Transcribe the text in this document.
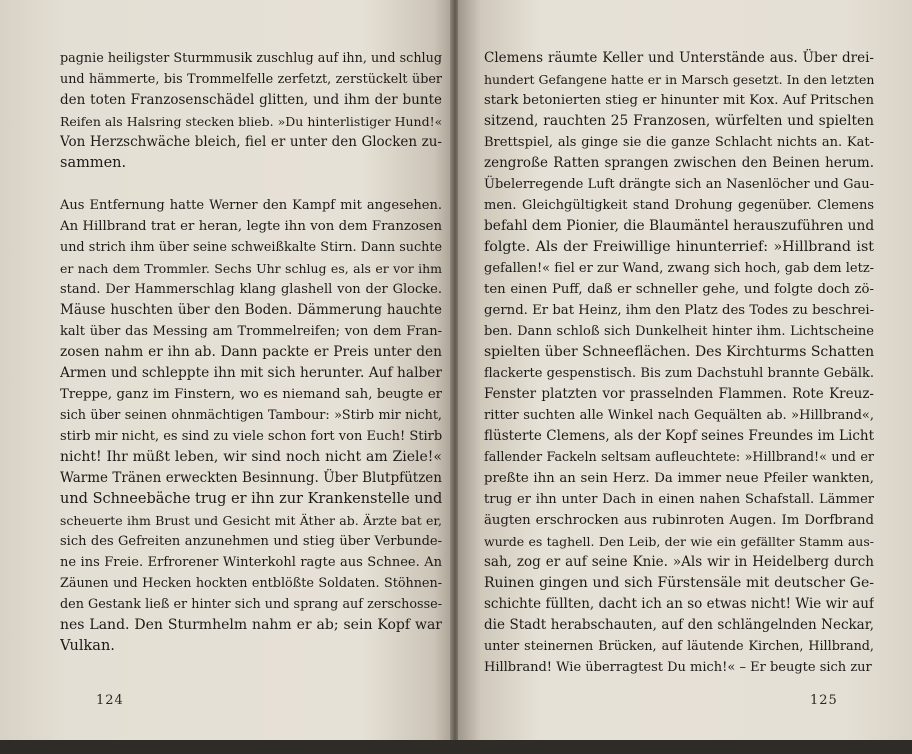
pagnie heiligster Sturmmusik zuschlug auf ihn, und schlug
und hämmerte, bis Trommelfelle zerfetzt, zerstückelt über
den toten Franzosenschädel glitten, und ihm der bunte
Reifen als Halsring stecken blieb. »Du hinterlistiger Hund!«
Von Herzschwäche bleich, fiel er unter den Glocken zu-
sammen.
Aus Entfernung hatte Werner den Kampf mit angesehen.
An Hillbrand trat er heran, legte ihn von dem Franzosen
und strich ihm über seine schweißkalte Stirn. Dann suchte
er nach dem Trommler. Sechs Uhr schlug es, als er vor ihm
stand. Der Hammerschlag klang glashell von der Glocke.
Mäuse huschten über den Boden. Dämmerung hauchte
kalt über das Messing am Trommelreifen; von dem Fran-
zosen nahm er ihn ab. Dann packte er Preis unter den
Armen und schleppte ihn mit sich herunter. Auf halber
Treppe, ganz im Finstern, wo es niemand sah, beugte er
sich über seinen ohnmächtigen Tambour: »Stirb mir nicht,
stirb mir nicht, es sind zu viele schon fort von Euch! Stirb
nicht! Ihr müßt leben, wir sind noch nicht am Ziele!«
Warme Tränen erweckten Besinnung. Über Blutpfützen
und Schneebäche trug er ihn zur Krankenstelle und
scheuerte ihm Brust und Gesicht mit Äther ab. Ärzte bat er,
sich des Gefreiten anzunehmen und stieg über Verbunde-
ne ins Freie. Erfrorener Winterkohl ragte aus Schnee. An
Zäunen und Hecken hockten entblößte Soldaten. Stöhnen-
den Gestank ließ er hinter sich und sprang auf zerschosse-
nes Land. Den Sturmhelm nahm er ab; sein Kopf war
Vulkan.
124
Clemens räumte Keller und Unterstände aus. Über drei-
hundert Gefangene hatte er in Marsch gesetzt. In den letzten
stark betonierten stieg er hinunter mit Kox. Auf Pritschen
sitzend, rauchten 25 Franzosen, würfelten und spielten
Brettspiel, als ginge sie die ganze Schlacht nichts an. Kat-
zengroße Ratten sprangen zwischen den Beinen herum.
Übelerregende Luft drängte sich an Nasenlöcher und Gau-
men. Gleichgültigkeit stand Drohung gegenüber. Clemens
befahl dem Pionier, die Blaumäntel herauszuführen und
folgte. Als der Freiwillige hinunterrief: »Hillbrand ist
gefallen!« fiel er zur Wand, zwang sich hoch, gab dem letz-
ten einen Puff, daß er schneller gehe, und folgte doch zö-
gernd. Er bat Heinz, ihm den Platz des Todes zu beschrei-
ben. Dann schloß sich Dunkelheit hinter ihm. Lichtscheine
spielten über Schneeflächen. Des Kirchturms Schatten
flackerte gespenstisch. Bis zum Dachstuhl brannte Gebälk.
Fenster platzten vor prasselnden Flammen. Rote Kreuz-
ritter suchten alle Winkel nach Gequälten ab. »Hillbrand«,
flüsterte Clemens, als der Kopf seines Freundes im Licht
fallender Fackeln seltsam aufleuchtete: »Hillbrand!« und er
preßte ihn an sein Herz. Da immer neue Pfeiler wankten,
trug er ihn unter Dach in einen nahen Schafstall. Lämmer
äugten erschrocken aus rubinroten Augen. Im Dorfbrand
wurde es taghell. Den Leib, der wie ein gefällter Stamm aus-
sah, zog er auf seine Knie. »Als wir in Heidelberg durch
Ruinen gingen und sich Fürstensäle mit deutscher Ge-
schichte füllten, dacht ich an so etwas nicht! Wie wir auf
die Stadt herabschauten, auf den schlängelnden Neckar,
unter steinernen Brücken, auf läutende Kirchen, Hillbrand,
Hillbrand! Wie überragtest Du mich!« – Er beugte sich zur
125
